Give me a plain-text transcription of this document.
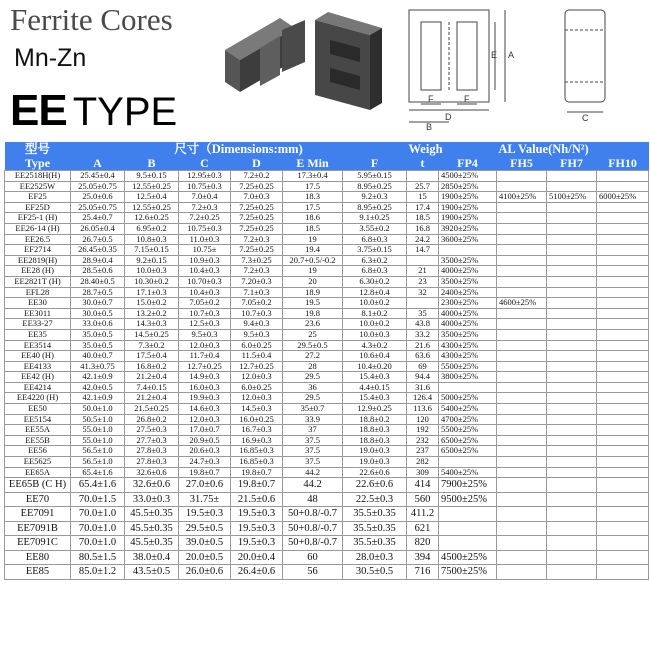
Ferrite Cores
Mn-Zn
EE TYPE
E A
F	F
B
D	C
型号	尺寸（Dimensions:mm)						Weigh	AL Value(Nh/N²)			
Type	A	B	C	D	E Min	F	t	FP4	FH5	FH7	FH10
EE2518H(H)	25.45±0.4	9.5±0.15	12.95±0.3	7.2±0.2	17.3±0.4	5.95±0.15		4500±25%			
EE2525W	25.05±0.75	12.55±0.25	10.75±0.3	7.25±0.25	17.5	8.95±0.25	25.7	2850±25%			
EF25	25.0±0.6	12.5±0.4	7.0±0.4	7.0±0.3	18.3	9.2±0.3	15	1900±25%	4100±25%	5100±25%	6000±25%
EF25D	25.05±0.75	12.55±0.25	7.2±0.3	7.25±0.25	17.5	8.95±0.25	17.4	1900±25%			
EF25-1 (H)	25.4±0.7	12.6±0.25	7.2±0.25	7.25±0.25	18.6	9.1±0.25	18.5	1900±25%			
EE26-14 (H)	26.05±0.4	6.95±0.2	10.75±0.3	7.25±0.25	18.5	3.55±0.2	16.8	3920±25%			
EE26.5	26.7±0.5	10.8±0.3	11.0±0.3	7.2±0.3	19	6.8±0.3	24.2	3600±25%			
EF2714	26.45±0.35	7.15±0.15	10.75±	7.25±0.25	19.4	3.75±0.15	14.7				
EE2819(H)	28.9±0.4	9.2±0.15	10.9±0.3	7.3±0.25	20.7+0.5/-0.2	6.3±0.2		3500±25%			
EE28 (H)	28.5±0.6	10.0±0.3	10.4±0.3	7.2±0.3	19	6.8±0.3	21	4000±25%			
EE2821T (H)	28.40±0.5	10.30±0.2	10.70±0.3	7.20±0.3	20	6.30±0.2	23	3500±25%			
EFL28	28.7±0.5	17.1±0.3	10.4±0.3	7.1±0.3	18.9	12.8±0.4	32	2400±25%			
EE30	30.0±0.7	15.0±0.2	7.05±0.2	7.05±0.2	19.5	10.0±0.2		2300±25%	4600±25%		
EE3011	30.0±0.5	13.2±0.2	10.7±0.3	10.7±0.3	19.8	8.1±0.2	35	4000±25%			
EE33-27	33.0±0.6	14.3±0.3	12.5±0.3	9.4±0.3	23.6	10.0±0.2	43.8	4000±25%			
EE35	35.0±0.5	14.5±0.25	9.5±0.3	9.5±0.3	25	10.0±0.3	33.2	3500±25%			
EE3514	35.0±0.5	7.3±0.2	12.0±0.3	6.0±0.25	29.5±0.5	4.3±0.2	21.6	4300±25%			
EE40 (H)	40.0±0.7	17.5±0.4	11.7±0.4	11.5±0.4	27.2	10.6±0.4	63.6	4300±25%			
EE4133	41.3±0.75	16.8±0.2	12.7±0.25	12.7±0.25	28	10.4±0.20	69	5500±25%			
EE42 (H)	42.1±0.9	21.2±0.4	14.9±0.3	12.0±0.3	29.5	15.4±0.3	94.4	3800±25%			
EE4214	42.0±0.5	7.4±0.15	16.0±0.3	6.0±0.25	36	4.4±0.15	31.6				
EE4220 (H)	42.1±0.9	21.2±0.4	19.9±0.3	12.0±0.3	29.5	15.4±0.3	126.4	5000±25%			
EE50	50.0±1.0	21.5±0.25	14.6±0.3	14.5±0.3	35±0.7	12.9±0.25	113.6	5400±25%			
EE5154	50.5±1.0	26.8±0.2	12.0±0.3	16.0±0.25	33.9	18.8±0.2	120	4700±25%			
EE55A	55.0±1.0	27.5±0.3	17.0±0.7	16.7±0.3	37	18.8±0.3	192	5500±25%			
EE55B	55.0±1.0	27.7±0.3	20.9±0.5	16.9±0.3	37.5	18.8±0.3	232	6500±25%			
EE56	56.5±1.0	27.8±0.3	20.6±0.3	16.85±0.3	37.5	19.0±0.3	237	6500±25%			
EE5625	56.5±1.0	27.8±0.3	24.7±0.3	16.85±0.3	37.5	19.0±0.3	282				
EE65A	65.4±1.6	32.6±0.6	19.8±0.7	19.8±0.7	44.2	22.6±0.6	309	5400±25%			
EE65B (C H)	65.4±1.6	32.6±0.6	27.0±0.6	19.8±0.7	44.2	22.6±0.6	414	7900±25%			
EE70	70.0±1.5	33.0±0.3	31.75±	21.5±0.6	48	22.5±0.3	560	9500±25%			
EE7091	70.0±1.0	45.5±0.35	19.5±0.3	19.5±0.3	50+0.8/-0.7	35.5±0.35	411.2				
EE7091B	70.0±1.0	45.5±0.35	29.5±0.5	19.5±0.3	50+0.8/-0.7	35.5±0.35	621				
EE7091C	70.0±1.0	45.5±0.35	39.0±0.5	19.5±0.3	50+0.8/-0.7	35.5±0.35	820				
EE80	80.5±1.5	38.0±0.4	20.0±0.5	20.0±0.4	60	28.0±0.3	394	4500±25%			
EE85	85.0±1.2	43.5±0.5	26.0±0.6	26.4±0.6	56	30.5±0.5	716	7500±25%			
